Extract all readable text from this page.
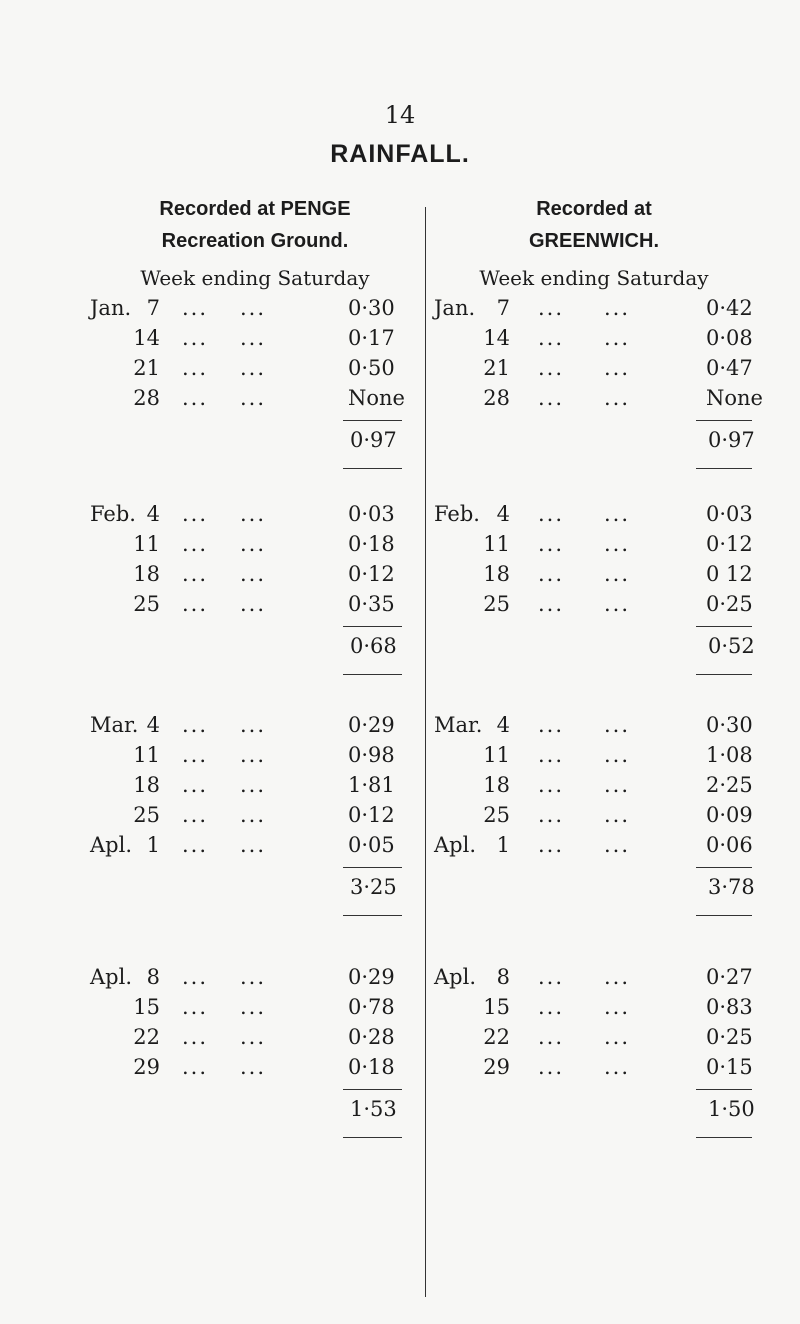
14
RAINFALL.
Recorded at PENGE
Recreation Ground.
Week ending Saturday
Jan. 7 ... ...	0·30
14 ... ...	0·17
21 ... ...	0·50
28 ... ...	None
0·97
Feb. 4 ... ...	0·03
11 ... ...	0·18
18 ... ...	0·12
25 ... ...	0·35
0·68
Mar. 4 ... ...	0·29
11 ... ...	0·98
18 ... ...	1·81
25 ... ...	0·12
Apl. 1 ... ...	0·05
3·25
Apl. 8 ... ...	0·29
15 ... ...	0·78
22 ... ...	0·28
29 ... ...	0·18
1·53
Recorded at
GREENWICH.
Week ending Saturday
Jan.	7 ... ...	0·42
14 ... ...	0·08
21 ... ...	0·47
28 ... ...	None
0·97
Feb. 4 ... ...	0·03
11 ... ...	0·12
18 ... ...	0 12
25 ... ...	0·25
0·52
Mar. 4 ... ...	0·30
11 ... ...	1·08
18 ... ...	2·25
25 ... ...	0·09
Apl. 1 ... ...	0·06
3·78
Apl. 8 ... ...	0·27
15 ... ...	0·83
22 ... ...	0·25
29 ... ...	0·15
1·50
